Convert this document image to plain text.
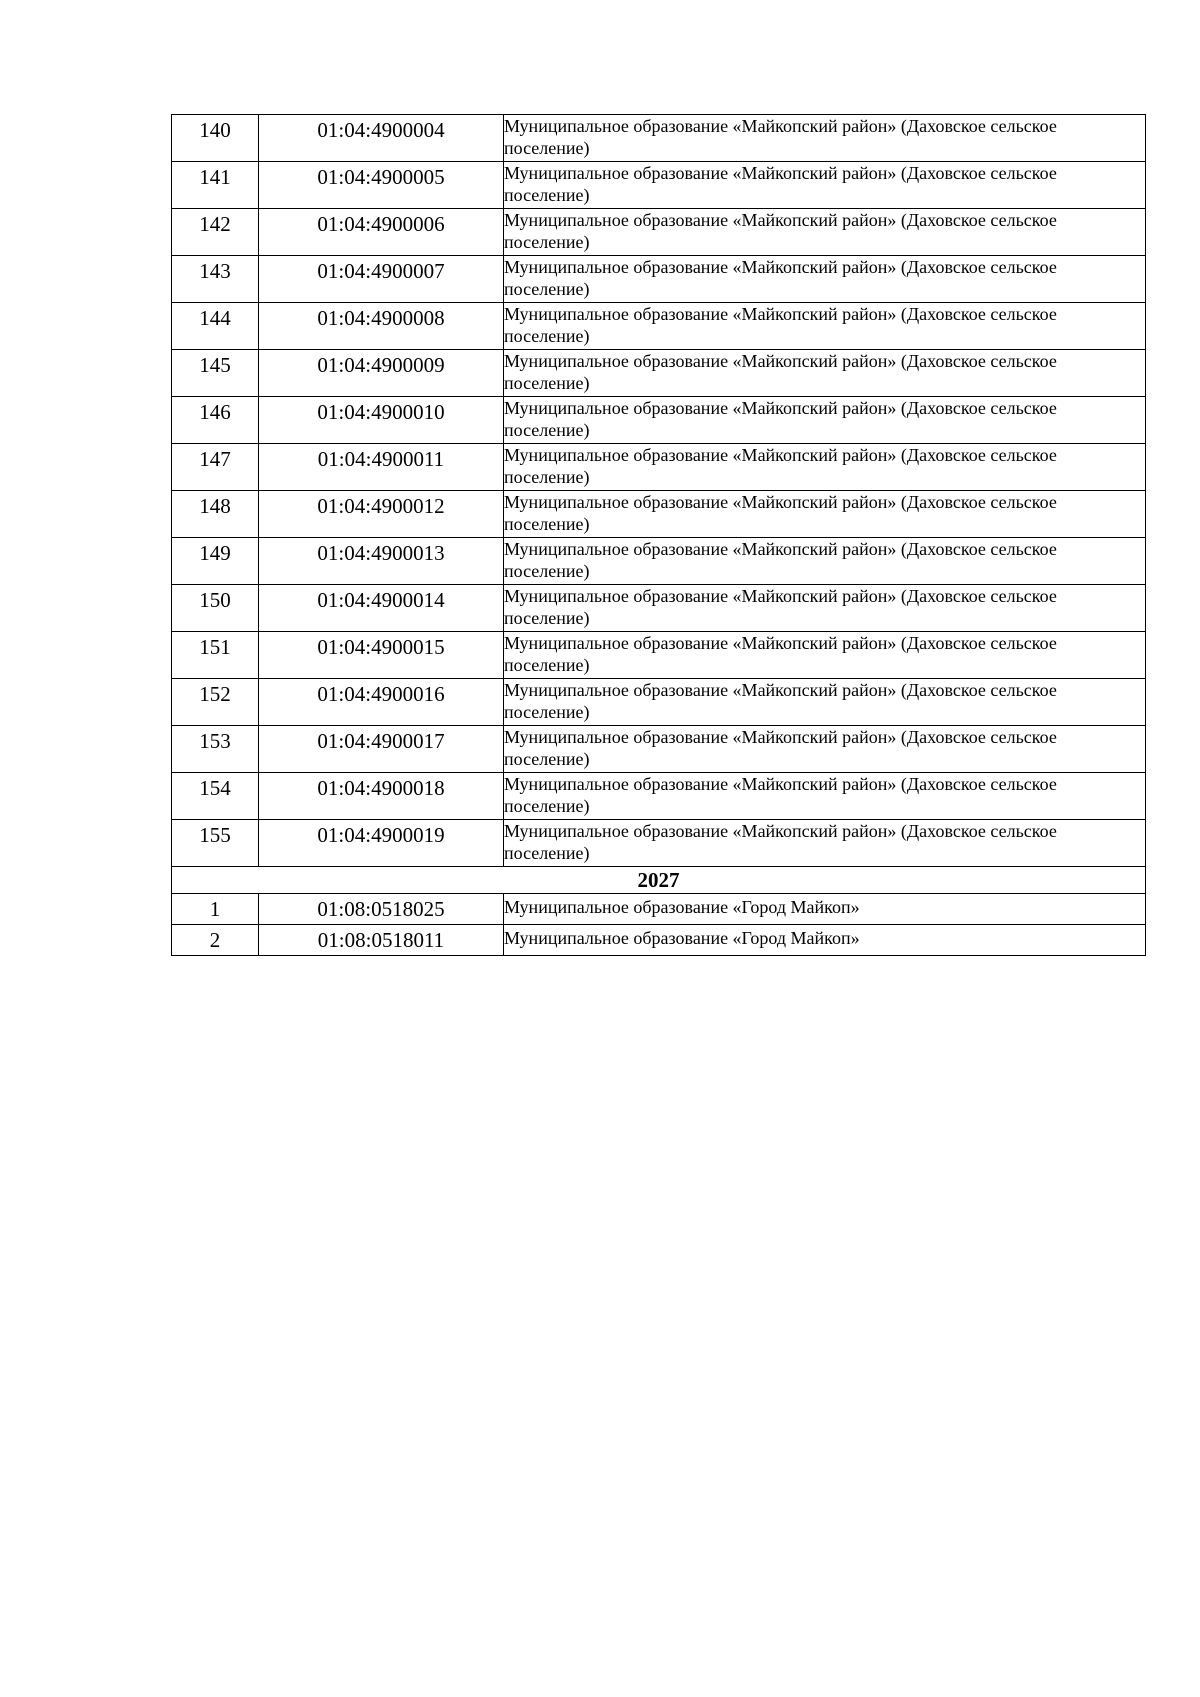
140	01:04:4900004	Муниципальное образование «Майкопский район» (Даховское сельское поселение)
141	01:04:4900005	Муниципальное образование «Майкопский район» (Даховское сельское поселение)
142	01:04:4900006	Муниципальное образование «Майкопский район» (Даховское сельское поселение)
143	01:04:4900007	Муниципальное образование «Майкопский район» (Даховское сельское поселение)
144	01:04:4900008	Муниципальное образование «Майкопский район» (Даховское сельское поселение)
145	01:04:4900009	Муниципальное образование «Майкопский район» (Даховское сельское поселение)
146	01:04:4900010	Муниципальное образование «Майкопский район» (Даховское сельское поселение)
147	01:04:4900011	Муниципальное образование «Майкопский район» (Даховское сельское поселение)
148	01:04:4900012	Муниципальное образование «Майкопский район» (Даховское сельское поселение)
149	01:04:4900013	Муниципальное образование «Майкопский район» (Даховское сельское поселение)
150	01:04:4900014	Муниципальное образование «Майкопский район» (Даховское сельское поселение)
151	01:04:4900015	Муниципальное образование «Майкопский район» (Даховское сельское поселение)
152	01:04:4900016	Муниципальное образование «Майкопский район» (Даховское сельское поселение)
153	01:04:4900017	Муниципальное образование «Майкопский район» (Даховское сельское поселение)
154	01:04:4900018	Муниципальное образование «Майкопский район» (Даховское сельское поселение)
155	01:04:4900019	Муниципальное образование «Майкопский район» (Даховское сельское поселение)
2027		
1	01:08:0518025	Муниципальное образование «Город Майкоп»
2	01:08:0518011	Муниципальное образование «Город Майкоп»
